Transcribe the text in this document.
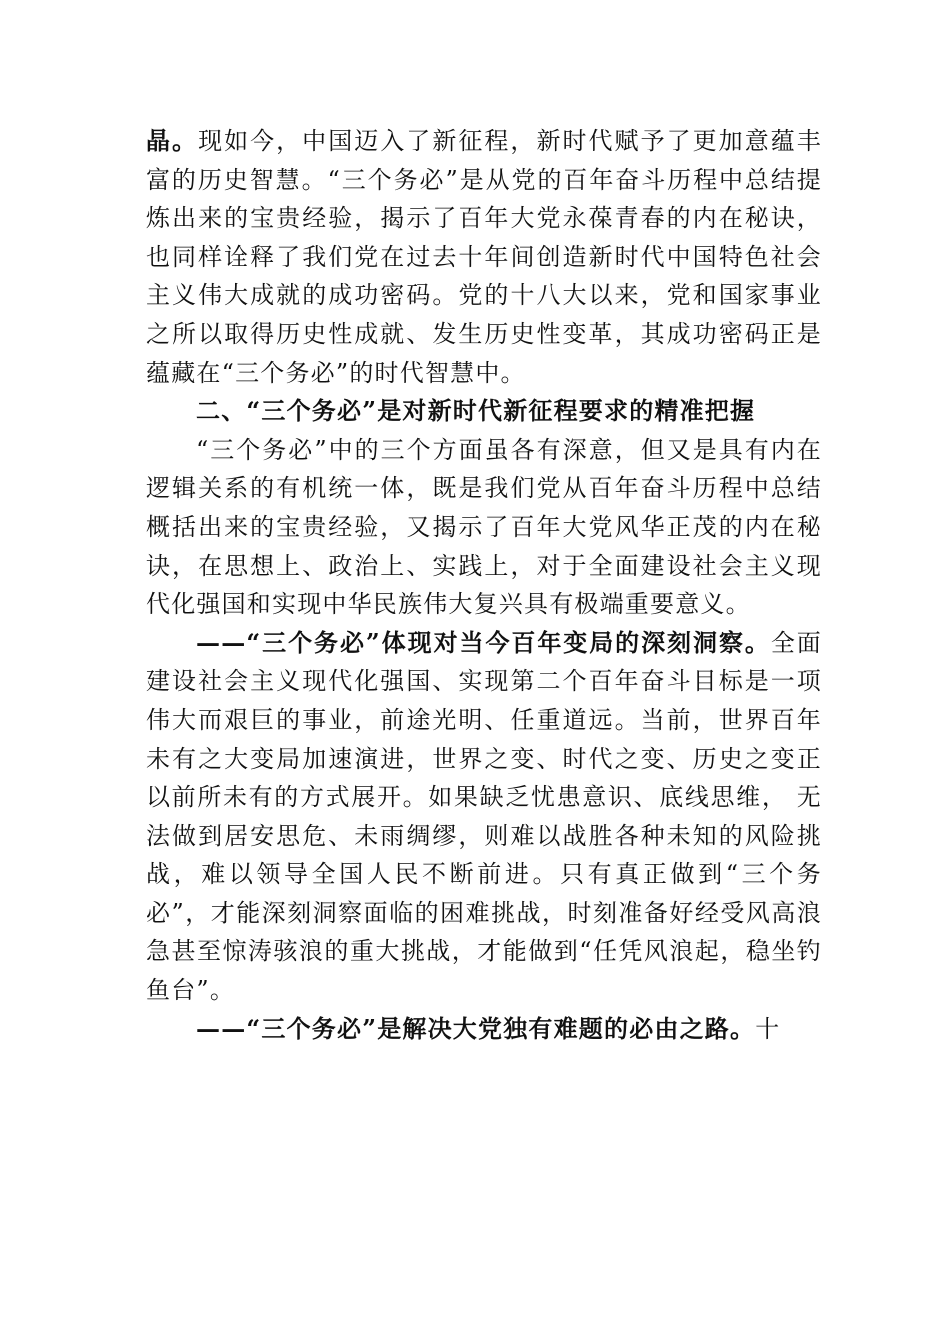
晶。现如今，中国迈入了新征程，新时代赋予了更加意蕴丰富的历史智慧。“三个务必”是从党的百年奋斗历程中总结提炼出来的宝贵经验，揭示了百年大党永葆青春的内在秘诀， 也同样诠释了我们党在过去十年间创造新时代中国特色社会主义伟大成就的成功密码。党的十八大以来，党和国家事业之所以取得历史性成就、发生历史性变革，其成功密码正是蕴藏在“三个务必”的时代智慧中。

二、“三个务必”是对新时代新征程要求的精准把握

“三个务必”中的三个方面虽各有深意，但又是具有内在逻辑关系的有机统一体，既是我们党从百年奋斗历程中总结概括出来的宝贵经验，又揭示了百年大党风华正茂的内在秘诀，在思想上、政治上、实践上，对于全面建设社会主义现代化强国和实现中华民族伟大复兴具有极端重要意义。

——“三个务必”体现对当今百年变局的深刻洞察。全面建设社会主义现代化强国、实现第二个百年奋斗目标是一项伟大而艰巨的事业，前途光明、任重道远。当前，世界百年未有之大变局加速演进，世界之变、时代之变、历史之变正以前所未有的方式展开。如果缺乏忧患意识、底线思维， 无法做到居安思危、未雨绸缪，则难以战胜各种未知的风险挑战，难以领导全国人民不断前进。只有真正做到“三个务必”，才能深刻洞察面临的困难挑战，时刻准备好经受风高浪急甚至惊涛骇浪的重大挑战，才能做到“任凭风浪起，稳坐钓鱼台”。

——“三个务必”是解决大党独有难题的必由之路。十
